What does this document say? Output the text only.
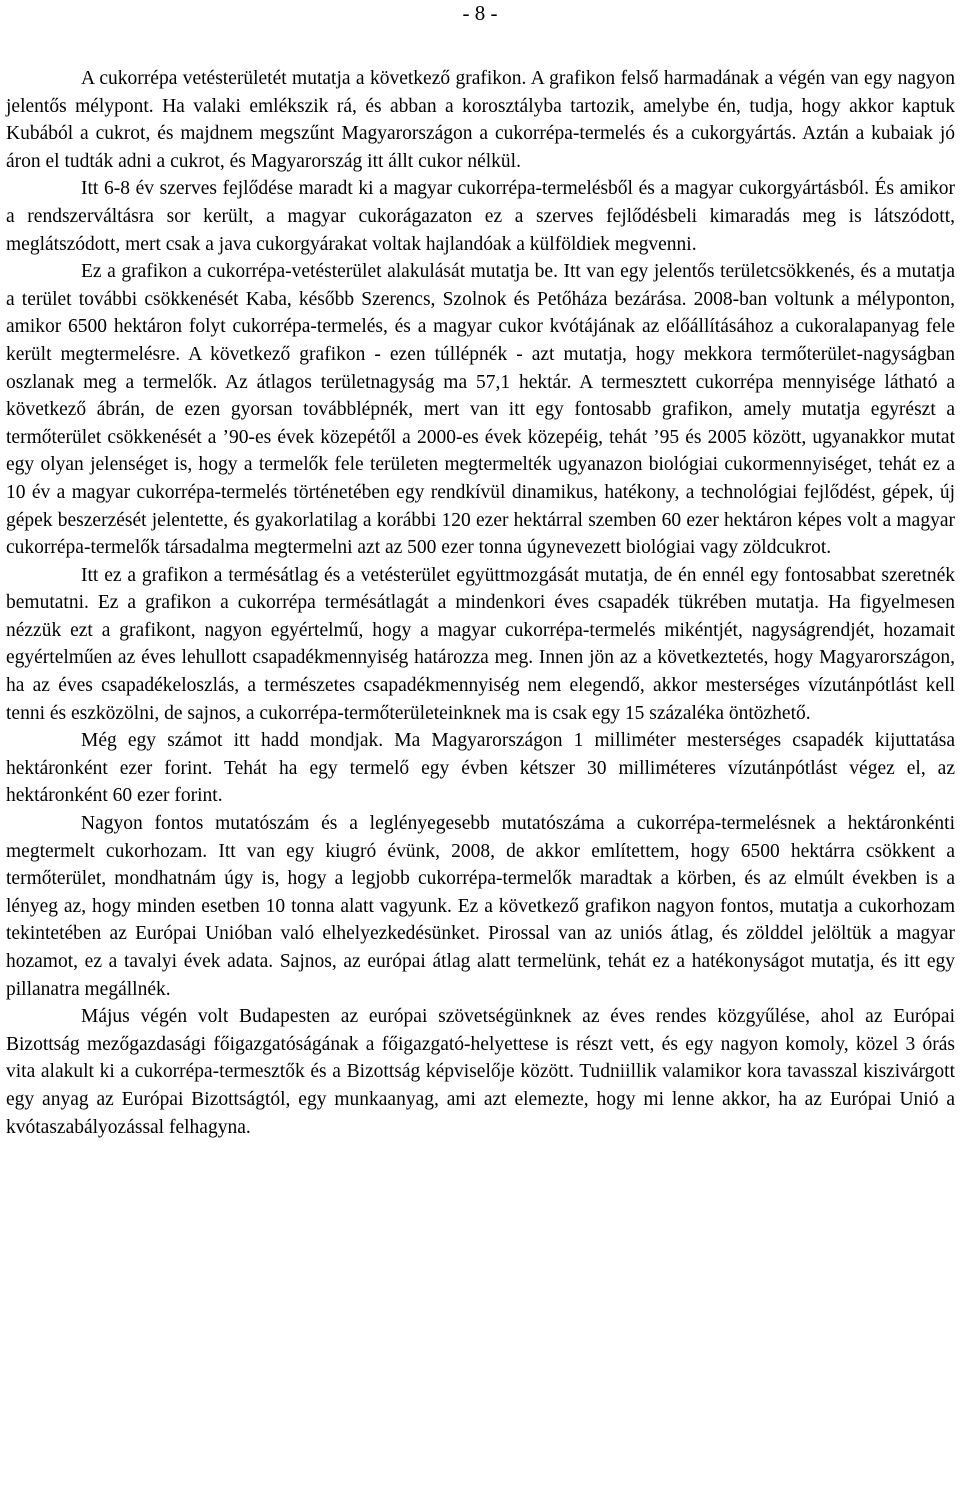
- 8 -

A cukorrépa vetésterületét mutatja a következő grafikon. A grafikon felső harmadának a végén van egy nagyon jelentős mélypont. Ha valaki emlékszik rá, és abban a korosztályba tartozik, amelybe én, tudja, hogy akkor kaptuk Kubából a cukrot, és majdnem megszűnt Magyarországon a cukorrépa-termelés és a cukorgyártás. Aztán a kubaiak jó áron el tudták adni a cukrot, és Magyarország itt állt cukor nélkül.

Itt 6-8 év szerves fejlődése maradt ki a magyar cukorrépa-termelésből és a magyar cukorgyártásból. És amikor a rendszerváltásra sor került, a magyar cukorágazaton ez a szerves fejlődésbeli kimaradás meg is látszódott, meglátszódott, mert csak a java cukorgyárakat voltak hajlandóak a külföldiek megvenni.

Ez a grafikon a cukorrépa-vetésterület alakulását mutatja be. Itt van egy jelentős területcsökkenés, és a mutatja a terület további csökkenését Kaba, később Szerencs, Szolnok és Petőháza bezárása. 2008-ban voltunk a mélyponton, amikor 6500 hektáron folyt cukorrépa-termelés, és a magyar cukor kvótájának az előállításához a cukoralapanyag fele került megtermelésre. A következő grafikon - ezen túllépnék - azt mutatja, hogy mekkora termőterület-nagyságban oszlanak meg a termelők. Az átlagos területnagyság ma 57,1 hektár. A termesztett cukorrépa mennyisége látható a következő ábrán, de ezen gyorsan továbblépnék, mert van itt egy fontosabb grafikon, amely mutatja egyrészt a termőterület csökkenését a ’90-es évek közepétől a 2000-es évek közepéig, tehát ’95 és 2005 között, ugyanakkor mutat egy olyan jelenséget is, hogy a termelők fele területen megtermelték ugyanazon biológiai cukormennyiséget, tehát ez a 10 év a magyar cukorrépa-termelés történetében egy rendkívül dinamikus, hatékony, a technológiai fejlődést, gépek, új gépek beszerzését jelentette, és gyakorlatilag a korábbi 120 ezer hektárral szemben 60 ezer hektáron képes volt a magyar cukorrépa-termelők társadalma megtermelni azt az 500 ezer tonna úgynevezett biológiai vagy zöldcukrot.

Itt ez a grafikon a termésátlag és a vetésterület együttmozgását mutatja, de én ennél egy fontosabbat szeretnék bemutatni. Ez a grafikon a cukorrépa termésátlagát a mindenkori éves csapadék tükrében mutatja. Ha figyelmesen nézzük ezt a grafikont, nagyon egyértelmű, hogy a magyar cukorrépa-termelés mikéntjét, nagyságrendjét, hozamait egyértelműen az éves lehullott csapadékmennyiség határozza meg. Innen jön az a következtetés, hogy Magyarországon, ha az éves csapadékeloszlás, a természetes csapadékmennyiség nem elegendő, akkor mesterséges vízutánpótlást kell tenni és eszközölni, de sajnos, a cukorrépa-termőterületeinknek ma is csak egy 15 százaléka öntözhető.

Még egy számot itt hadd mondjak. Ma Magyarországon 1 milliméter mesterséges csapadék kijuttatása hektáronként ezer forint. Tehát ha egy termelő egy évben kétszer 30 milliméteres vízutánpótlást végez el, az hektáronként 60 ezer forint.

Nagyon fontos mutatószám és a leglényegesebb mutatószáma a cukorrépa-termelésnek a hektáronkénti megtermelt cukorhozam. Itt van egy kiugró évünk, 2008, de akkor említettem, hogy 6500 hektárra csökkent a termőterület, mondhatnám úgy is, hogy a legjobb cukorrépa-termelők maradtak a körben, és az elmúlt években is a lényeg az, hogy minden esetben 10 tonna alatt vagyunk. Ez a következő grafikon nagyon fontos, mutatja a cukorhozam tekintetében az Európai Unióban való elhelyezkedésünket. Pirossal van az uniós átlag, és zölddel jelöltük a magyar hozamot, ez a tavalyi évek adata. Sajnos, az európai átlag alatt termelünk, tehát ez a hatékonyságot mutatja, és itt egy pillanatra megállnék.

Május végén volt Budapesten az európai szövetségünknek az éves rendes közgyűlése, ahol az Európai Bizottság mezőgazdasági főigazgatóságának a főigazgató-helyettese is részt vett, és egy nagyon komoly, közel 3 órás vita alakult ki a cukorrépa-termesztők és a Bizottság képviselője között. Tudniillik valamikor kora tavasszal kiszivárgott egy anyag az Európai Bizottságtól, egy munkaanyag, ami azt elemezte, hogy mi lenne akkor, ha az Európai Unió a kvótaszabályozással felhagyna.
